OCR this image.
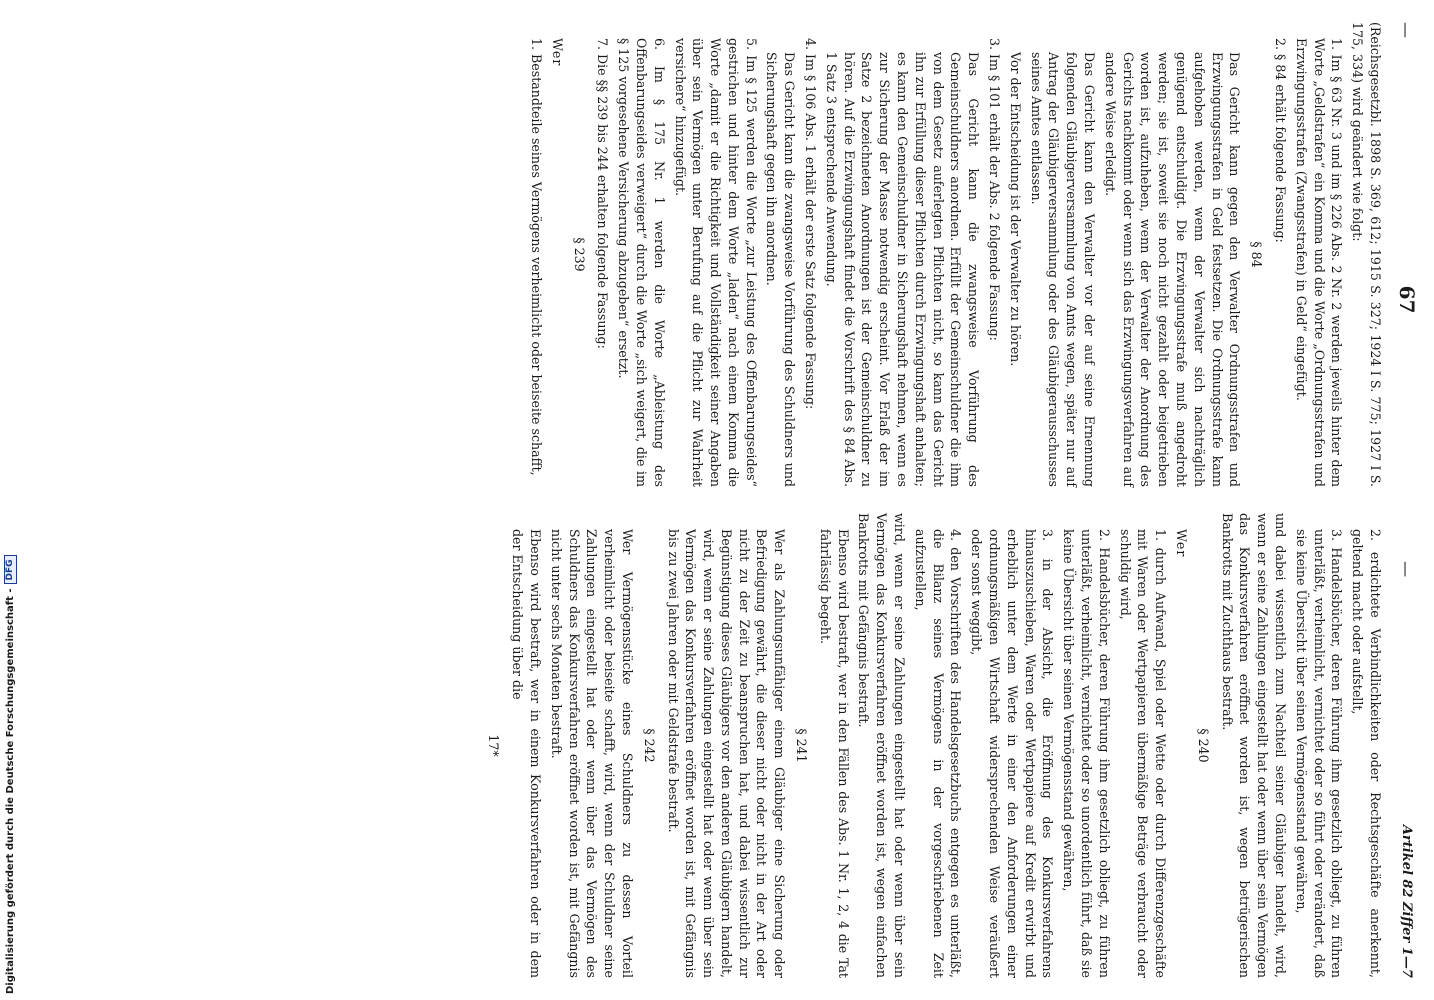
Digitalisierung gefördert durch die Deutsche Forschungsgemeinschaft -
DFG
—
67
—
Artikel 82 Ziffer 1—7

(Reichsgesetzbl. 1898 S. 369, 612; 1915 S. 327; 1924 I S. 775; 1927 I S. 175, 334) wird geändert wie folgt:

1. Im § 63 Nr. 3 und im § 226 Abs. 2 Nr. 2 werden jeweils hinter dem Worte „Geldstrafen“ ein Komma und die Worte „Ordnungsstrafen und Erzwingungsstrafen (Zwangsstrafen) in Geld“ eingefügt.

2. § 84 erhält folgende Fassung:

§ 84

Das Gericht kann gegen den Verwalter Ordnungsstrafen und Erzwingungsstrafen in Geld festsetzen. Die Ordnungsstrafe kann aufgehoben werden, wenn der Verwalter sich nachträglich genügend entschuldigt. Die Erzwingungsstrafe muß angedroht werden; sie ist, soweit sie noch nicht gezahlt oder beigetrieben worden ist, aufzuheben, wenn der Verwalter der Anordnung des Gerichts nachkommt oder wenn sich das Erzwingungsverfahren auf andere Weise erledigt.

Das Gericht kann den Verwalter vor der auf seine Ernennung folgenden Gläubigerversammlung von Amts wegen, später nur auf Antrag der Gläubigerversammlung oder des Gläubigerausschusses seines Amtes entlassen.

Vor der Entscheidung ist der Verwalter zu hören.

3. Im § 101 erhält der Abs. 2 folgende Fassung:

Das Gericht kann die zwangsweise Vorführung des Gemeinschuldners anordnen. Erfüllt der Gemeinschuldner die ihm von dem Gesetz auferlegten Pflichten nicht, so kann das Gericht ihn zur Erfüllung dieser Pflichten durch Erzwingungshaft anhalten; es kann den Gemeinschuldner in Sicherungshaft nehmen, wenn es zur Sicherung der Masse notwendig erscheint. Vor Erlaß der im Satze 2 bezeichneten Anordnungen ist der Gemeinschuldner zu hören. Auf die Erzwingungshaft findet die Vorschrift des § 84 Abs. 1 Satz 3 entsprechende Anwendung.

4. Im § 106 Abs. 1 erhält der erste Satz folgende Fassung:

Das Gericht kann die zwangsweise Vorführung des Schuldners und Sicherungshaft gegen ihn anordnen.

5. Im § 125 werden die Worte „zur Leistung des Offenbarungseides“ gestrichen und hinter dem Worte „laden“ nach einem Komma die Worte „damit er die Richtigkeit und Vollständigkeit seiner Angaben über sein Vermögen unter Berufung auf die Pflicht zur Wahrheit versichere“ hinzugefügt.

6. Im § 175 Nr. 1 werden die Worte „Ableistung des Offenbarungseides verweigert“ durch die Worte „sich weigert, die im § 125 vorgesehene Versicherung abzugeben“ ersetzt.

7. Die §§ 239 bis 244 erhalten folgende Fassung:

§ 239

Wer

1. Bestandteile seines Vermögens verheimlicht oder beiseite schafft,

2. erdichtete Verbindlichkeiten oder Rechtsgeschäfte anerkennt, geltend macht oder aufstellt,

3. Handelsbücher, deren Führung ihm gesetzlich obliegt, zu führen unterläßt, verheimlicht, vernichtet oder so führt oder verändert, daß sie keine Übersicht über seinen Vermögensstand gewähren,

und dabei wissentlich zum Nachteil seiner Gläubiger handelt, wird, wenn er seine Zahlungen eingestellt hat oder wenn über sein Vermögen das Konkursverfahren eröffnet worden ist, wegen betrügerischen Bankrotts mit Zuchthaus bestraft.

§ 240

Wer

1. durch Aufwand, Spiel oder Wette oder durch Differenzgeschäfte mit Waren oder Wertpapieren übermäßige Beträge verbraucht oder schuldig wird,

2. Handelsbücher, deren Führung ihm gesetzlich obliegt, zu führen unterläßt, verheimlicht, vernichtet oder so unordentlich führt, daß sie keine Übersicht über seinen Vermögensstand gewähren,

3. in der Absicht, die Eröffnung des Konkursverfahrens hinauszuschieben, Waren oder Wertpapiere auf Kredit erwirbt und erheblich unter dem Werte in einer den Anforderungen einer ordnungsmäßigen Wirtschaft widersprechenden Weise veräußert oder sonst weggibt,

4. den Vorschriften des Handelsgesetzbuchs entgegen es unterläßt, die Bilanz seines Vermögens in der vorgeschriebenen Zeit aufzustellen,

wird, wenn er seine Zahlungen eingestellt hat oder wenn über sein Vermögen das Konkursverfahren eröffnet worden ist, wegen einfachen Bankrotts mit Gefängnis bestraft.

Ebenso wird bestraft, wer in den Fällen des Abs. 1 Nr. 1, 2, 4 die Tat fahrlässig begeht.

§ 241

Wer als Zahlungsunfähiger einem Gläubiger eine Sicherung oder Befriedigung gewährt, die dieser nicht oder nicht in der Art oder nicht zu der Zeit zu beanspruchen hat, und dabei wissentlich zur Begünstigung dieses Gläubigers vor den anderen Gläubigern handelt, wird, wenn er seine Zahlungen eingestellt hat oder wenn über sein Vermögen das Konkursverfahren eröffnet worden ist, mit Gefängnis bis zu zwei Jahren oder mit Geldstrafe bestraft.

§ 242

Wer Vermögensstücke eines Schuldners zu dessen Vorteil verheimlicht oder beiseite schafft, wird, wenn der Schuldner seine Zahlungen eingestellt hat oder wenn über das Vermögen des Schuldners das Konkursverfahren eröffnet worden ist, mit Gefängnis nicht unter sechs Monaten bestraft.

Ebenso wird bestraft, wer in einem Konkursverfahren oder in dem der Entscheidung über die

17*
